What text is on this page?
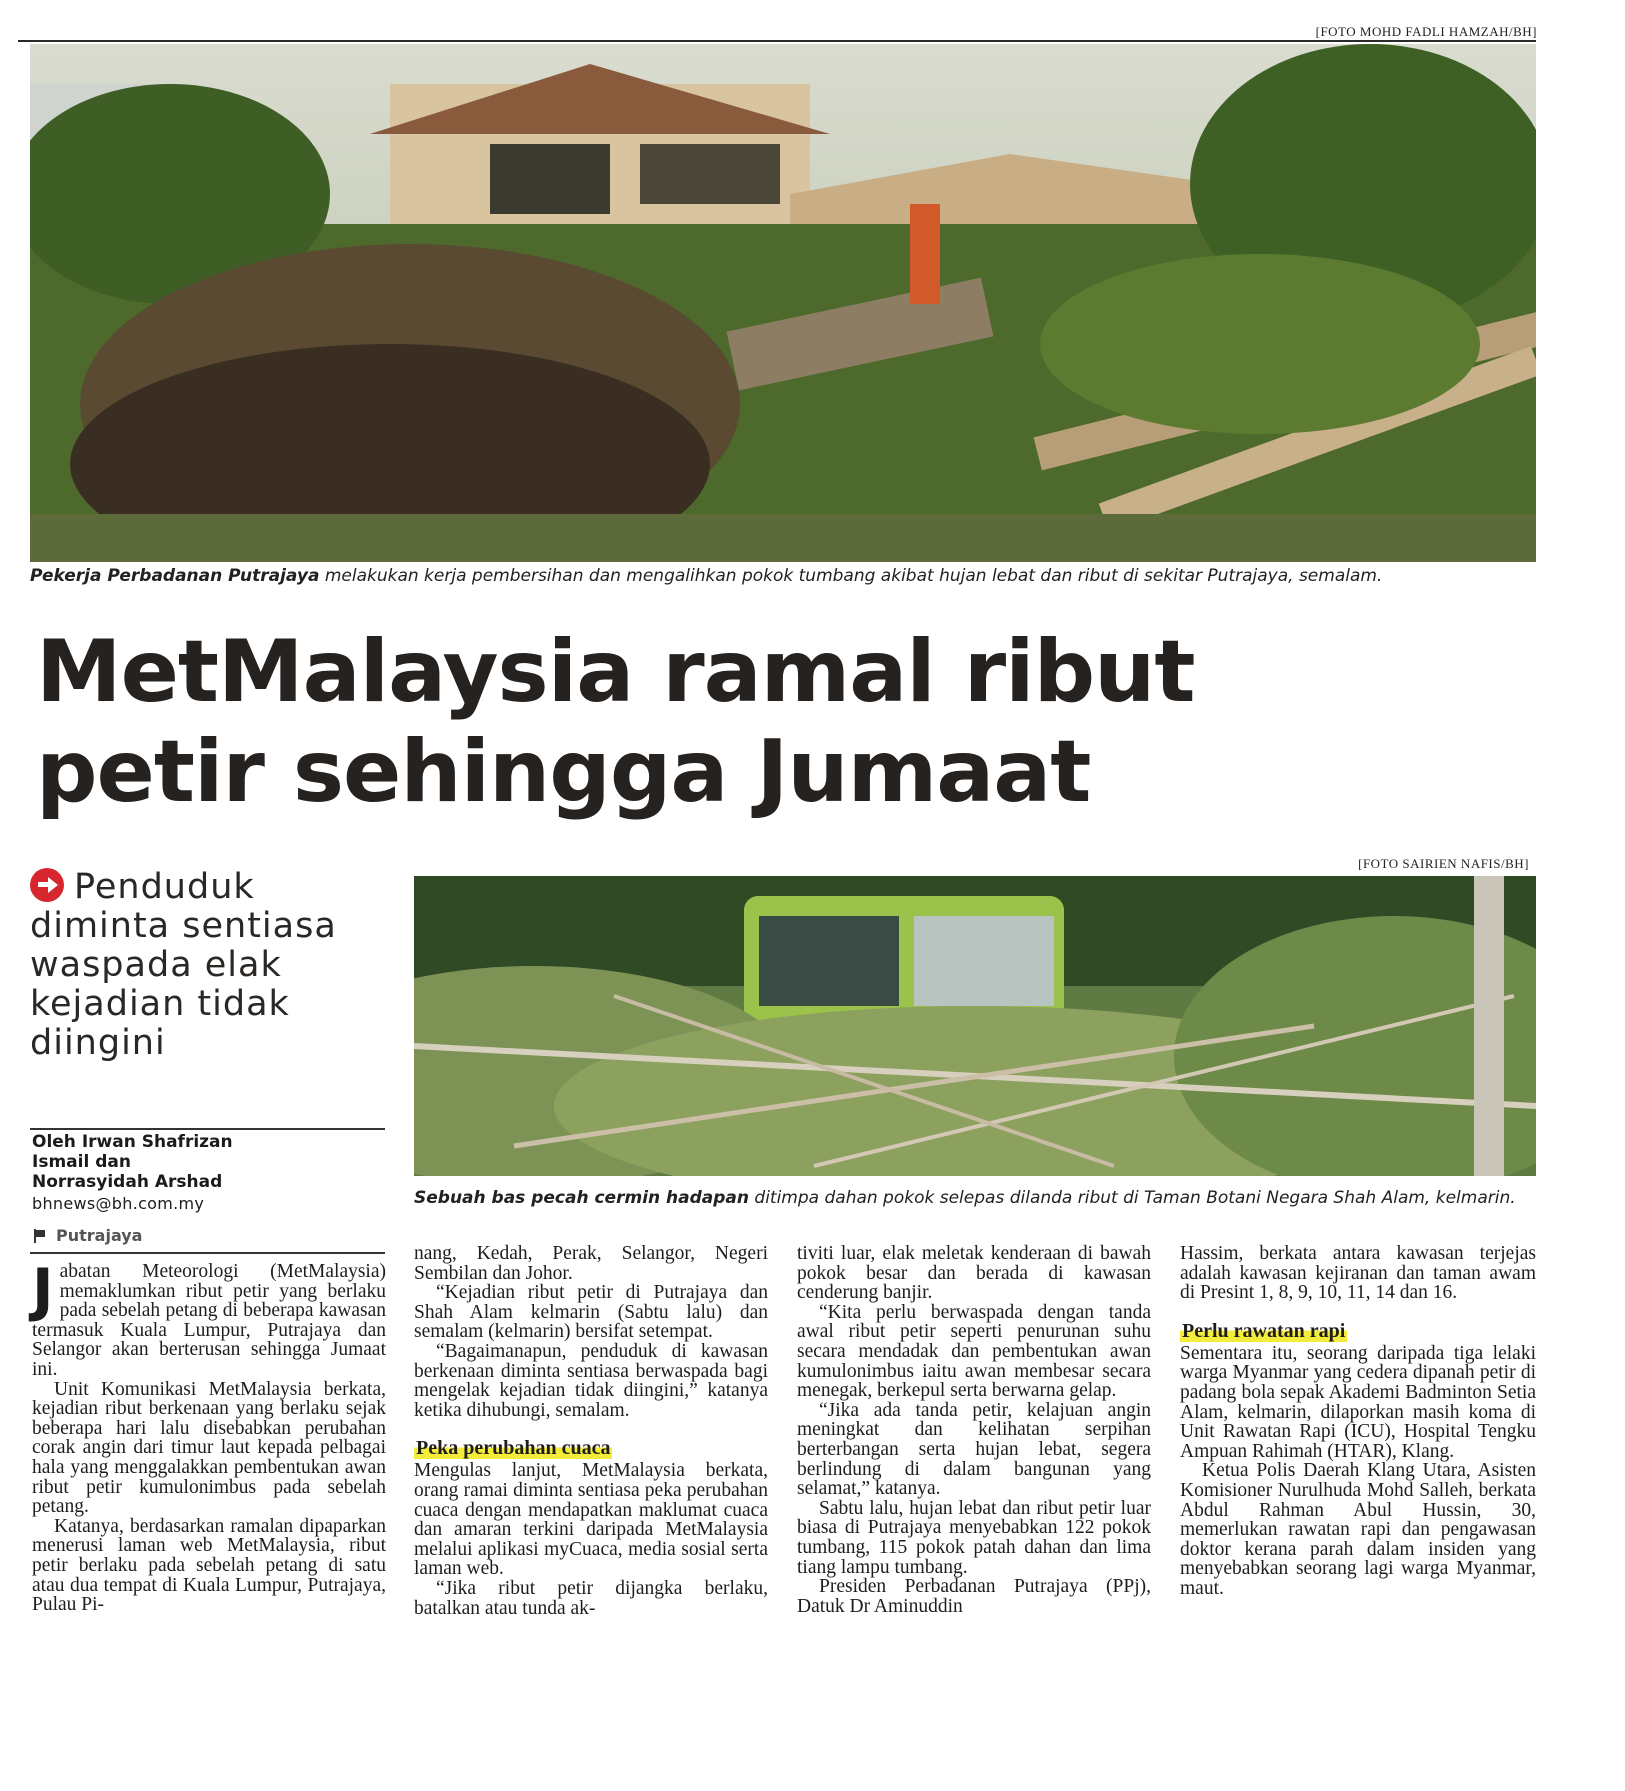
[FOTO MOHD FADLI HAMZAH/BH]
Pekerja Perbadanan Putrajaya melakukan kerja pembersihan dan mengalihkan pokok tumbang akibat hujan lebat dan ribut di sekitar Putrajaya, semalam.
MetMalaysia ramal ribut
petir sehingga Jumaat
[FOTO SAIRIEN NAFIS/BH]
Sebuah bas pecah cermin hadapan ditimpa dahan pokok selepas dilanda ribut di Taman Botani Negara Shah Alam, kelmarin.
Penduduk diminta sentiasa waspada elak kejadian tidak diingini
Oleh Irwan Shafrizan
Ismail dan
Norrasyidah Arshad
bhnews@bh.com.my
Putrajaya

Jabatan Meteorologi (MetMalaysia) memaklumkan ribut petir yang berlaku pada sebelah petang di beberapa kawasan termasuk Kuala Lumpur, Putrajaya dan Selangor akan berterusan sehingga Jumaat ini.

Unit Komunikasi MetMalaysia berkata, kejadian ribut berkenaan yang berlaku sejak beberapa hari lalu disebabkan perubahan corak angin dari timur laut kepada pelbagai hala yang menggalakkan pembentukan awan ribut petir kumulonimbus pada sebelah petang.

Katanya, berdasarkan ramalan dipaparkan menerusi laman web MetMalaysia, ribut petir berlaku pada sebelah petang di satu atau dua tempat di Kuala Lumpur, Putrajaya, Pulau Pi-

nang, Kedah, Perak, Selangor, Negeri Sembilan dan Johor.

“Kejadian ribut petir di Putrajaya dan Shah Alam kelmarin (Sabtu lalu) dan semalam (kelmarin) bersifat setempat.

“Bagaimanapun, penduduk di kawasan berkenaan diminta sentiasa berwaspada bagi mengelak kejadian tidak diingini,” katanya ketika dihubungi, semalam.

Peka perubahan cuaca

Mengulas lanjut, MetMalaysia berkata, orang ramai diminta sentiasa peka perubahan cuaca dengan mendapatkan maklumat cuaca dan amaran terkini daripada MetMalaysia melalui aplikasi myCuaca, media sosial serta laman web.

“Jika ribut petir dijangka berlaku, batalkan atau tunda ak-

tiviti luar, elak meletak kenderaan di bawah pokok besar dan berada di kawasan cenderung banjir.

“Kita perlu berwaspada dengan tanda awal ribut petir seperti penurunan suhu secara mendadak dan pembentukan awan kumulonimbus iaitu awan membesar secara menegak, berkepul serta berwarna gelap.

“Jika ada tanda petir, kelajuan angin meningkat dan kelihatan serpihan berterbangan serta hujan lebat, segera berlindung di dalam bangunan yang selamat,” katanya.

Sabtu lalu, hujan lebat dan ribut petir luar biasa di Putrajaya menyebabkan 122 pokok tumbang, 115 pokok patah dahan dan lima tiang lampu tumbang.

Presiden Perbadanan Putrajaya (PPj), Datuk Dr Aminuddin

Hassim, berkata antara kawasan terjejas adalah kawasan kejiranan dan taman awam di Presint 1, 8, 9, 10, 11, 14 dan 16.

Perlu rawatan rapi

Sementara itu, seorang daripada tiga lelaki warga Myanmar yang cedera dipanah petir di padang bola sepak Akademi Badminton Setia Alam, kelmarin, dilaporkan masih koma di Unit Rawatan Rapi (ICU), Hospital Tengku Ampuan Rahimah (HTAR), Klang.

Ketua Polis Daerah Klang Utara, Asisten Komisioner Nurulhuda Mohd Salleh, berkata Abdul Rahman Abul Hussin, 30, memerlukan rawatan rapi dan pengawasan doktor kerana parah dalam insiden yang menyebabkan seorang lagi warga Myanmar, maut.
